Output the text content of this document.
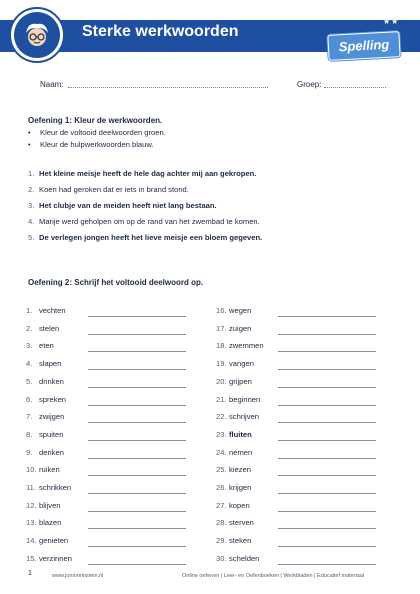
Sterke werkwoorden
★★
Spelling
Naam:	Groep:
Oefening 1: Kleur de werkwoorden.
• Kleur de voltooid deelwoorden groen.
• Kleur de hulpwerkwoorden blauw.
1. Het kleine meisje heeft de hele dag achter mij aan gekropen.
2. Koen had geroken dat er iets in brand stond.
3. Het clubje van de meiden heeft niet lang bestaan.
4. Marije werd geholpen om op de rand van het zwembad te komen.
5. De verlegen jongen heeft het lieve meisje een bloem gegeven.
Oefening 2: Schrijf het voltooid deelwoord op.
1. vechten
2. stelen
3. eten
4. slapen
5. drinken
6. spreken
7. zwijgen
8. spuiten
9. denken
10. ruiken
11. schrikken
12. blijven
13. blazen
14. genieten
15. verzinnen
16. wegen
17. zuigen
18. zwemmen
19. vangen
20. grijpen
21. beginnen
22. schrijven
23. fluiten
24. nemen
25. kiezen
26. krijgen
27. kopen
28. sterven
29. steken
30. schelden
1	www.junioreinstein.nl	Online oefenen | Leer- en Oefenboeken | Werkbladen | Educatief materiaal
